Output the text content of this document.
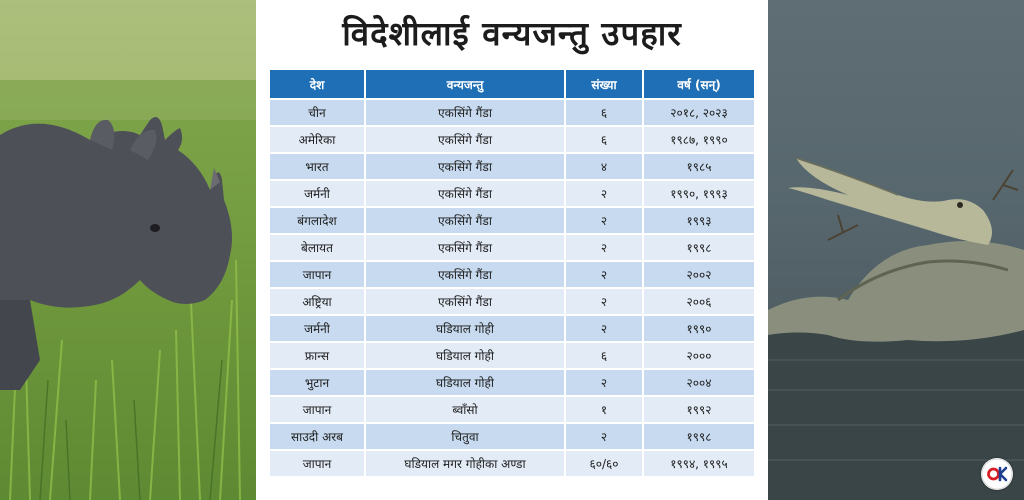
विदेशीलाई वन्यजन्तु उपहार
देश	वन्यजन्तु	संख्या	वर्ष (सन्)
चीन	एकसिंगे गैंडा	६	२०१८, २०२३
अमेरिका	एकसिंगे गैंडा	६	१९८७, १९९०
भारत	एकसिंगे गैंडा	४	१९८५
जर्मनी	एकसिंगे गैंडा	२	१९९०, १९९३
बंगलादेश	एकसिंगे गैंडा	२	१९९३
बेलायत	एकसिंगे गैंडा	२	१९९८
जापान	एकसिंगे गैंडा	२	२००२
अष्ट्रिया	एकसिंगे गैंडा	२	२००६
जर्मनी	घडियाल गोही	२	१९९०
फ्रान्स	घडियाल गोही	६	२०००
भुटान	घडियाल गोही	२	२००४
जापान	ब्वाँसो	१	१९९२
साउदी अरब	चितुवा	२	१९९८
जापान	घडियाल मगर गोहीका अण्डा	६०/६०	१९९४, १९९५
